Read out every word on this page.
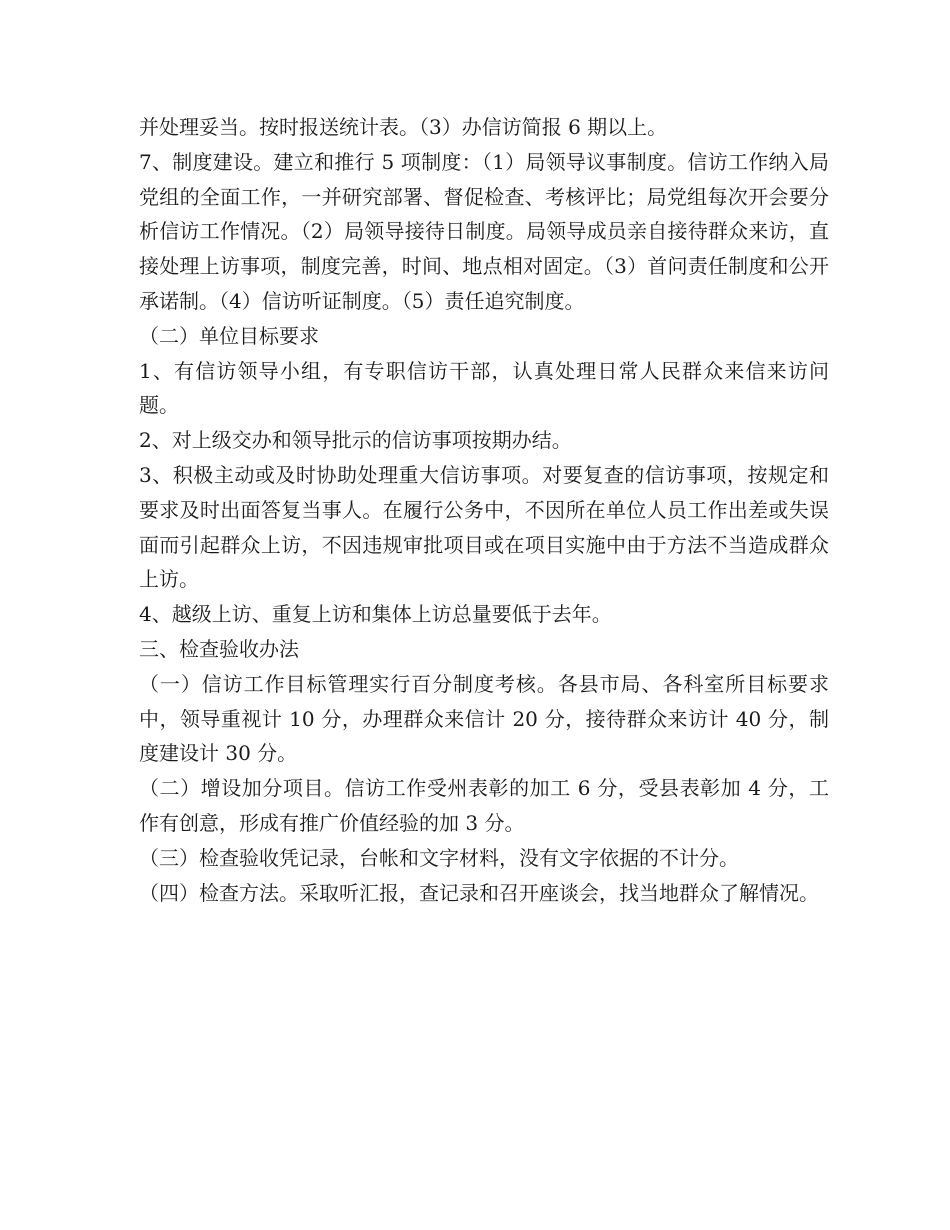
并处理妥当。按时报送统计表。（3）办信访简报 6 期以上。

7、制度建设。建立和推行 5 项制度：（1）局领导议事制度。信访工作纳入局党组的全面工作，一并研究部署、督促检查、考核评比；局党组每次开会要分析信访工作情况。（2）局领导接待日制度。局领导成员亲自接待群众来访，直接处理上访事项，制度完善，时间、地点相对固定。（3）首问责任制度和公开承诺制。（4）信访听证制度。（5）责任追究制度。

（二）单位目标要求

1、有信访领导小组，有专职信访干部，认真处理日常人民群众来信来访问题。

2、对上级交办和领导批示的信访事项按期办结。

3、积极主动或及时协助处理重大信访事项。对要复查的信访事项，按规定和要求及时出面答复当事人。在履行公务中，不因所在单位人员工作出差或失误面而引起群众上访，不因违规审批项目或在项目实施中由于方法不当造成群众上访。

4、越级上访、重复上访和集体上访总量要低于去年。

三、检查验收办法

（一）信访工作目标管理实行百分制度考核。各县市局、各科室所目标要求中，领导重视计 10 分，办理群众来信计 20 分，接待群众来访计 40 分，制度建设计 30 分。

（二）增设加分项目。信访工作受州表彰的加工 6 分，受县表彰加 4 分，工作有创意，形成有推广价值经验的加 3 分。

（三）检查验收凭记录，台帐和文字材料，没有文字依据的不计分。

（四）检查方法。采取听汇报，查记录和召开座谈会，找当地群众了解情况。
